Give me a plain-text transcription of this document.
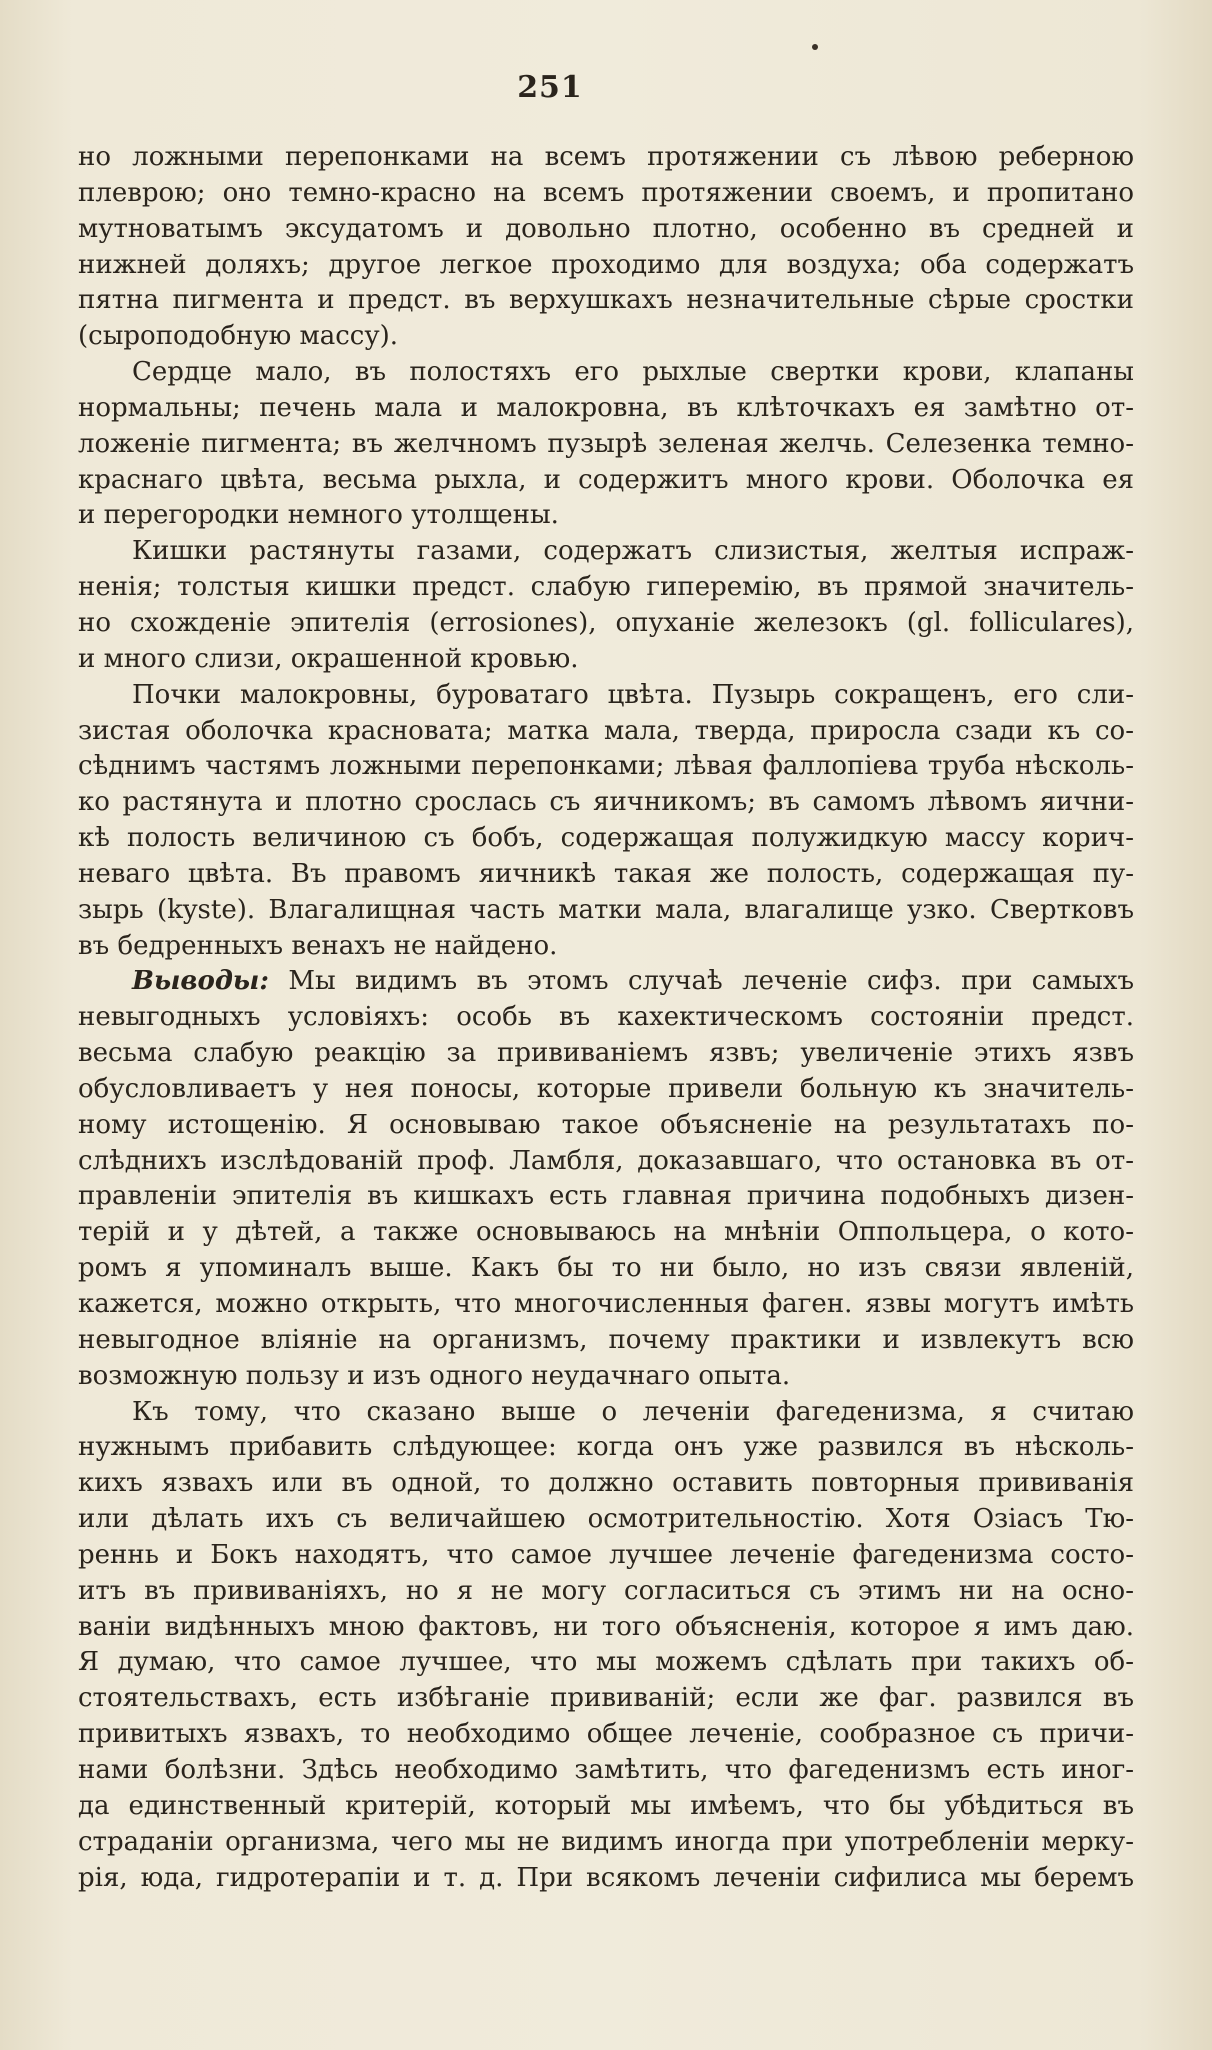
251
но ложными перепонками на всемъ протяжении съ лѣвою реберною
плеврою; оно темно-красно на всемъ протяжении своемъ, и пропитано
мутноватымъ эксудатомъ и довольно плотно, особенно въ средней и
нижней доляхъ; другое легкое проходимо для воздуха; оба содержатъ
пятна пигмента и предст. въ верхушкахъ незначительные сѣрые сростки
(сыроподобную массу).
Сердце мало, въ полостяхъ его рыхлые свертки крови, клапаны
нормальны; печень мала и малокровна, въ клѣточкахъ ея замѣтно от-
ложенiе пигмента; въ желчномъ пузырѣ зеленая желчь. Селезенка темно-
краснаго цвѣта, весьма рыхла, и содержитъ много крови. Оболочка ея
и перегородки немного утолщены.
Кишки растянуты газами, содержатъ слизистыя, желтыя испраж-
ненiя; толстыя кишки предст. слабую гиперемiю, въ прямой значитель-
но схожденiе эпителiя (errosiones), опуханiе железокъ (gl. folliculares),
и много слизи, окрашенной кровью.
Почки малокровны, буроватаго цвѣта. Пузырь сокращенъ, его сли-
зистая оболочка красновата; матка мала, тверда, приросла сзади къ со-
сѣднимъ частямъ ложными перепонками; лѣвая фаллопiева труба нѣсколь-
ко растянута и плотно срослась съ яичникомъ; въ самомъ лѣвомъ яични-
кѣ полость величиною съ бобъ, содержащая полужидкую массу корич-
неваго цвѣта. Въ правомъ яичникѣ такая же полость, содержащая пу-
зырь (kyste). Влагалищная часть матки мала, влагалище узко. Свертковъ
въ бедренныхъ венахъ не найдено.
Выводы: Мы видимъ въ этомъ случаѣ леченiе сифз. при самыхъ
невыгодныхъ условiяхъ: особь въ кахектическомъ состоянiи предст.
весьма слабую реакцiю за прививанiемъ язвъ; увеличенiе этихъ язвъ
обусловливаетъ у нея поносы, которые привели больную къ значитель-
ному истощенiю. Я основываю такое объясненiе на результатахъ по-
слѣднихъ изслѣдованiй проф. Ламбля, доказавшаго, что остановка въ от-
правленiи эпителiя въ кишкахъ есть главная причина подобныхъ дизен-
терiй и у дѣтей, а также основываюсь на мнѣнiи Оппольцера, о кото-
ромъ я упоминалъ выше. Какъ бы то ни было, но изъ связи явленiй,
кажется, можно открыть, что многочисленныя фаген. язвы могутъ имѣть
невыгодное влiянiе на организмъ, почему практики и извлекутъ всю
возможную пользу и изъ одного неудачнаго опыта.
Къ тому, что сказано выше о леченiи фагеденизма, я считаю
нужнымъ прибавить слѣдующее: когда онъ уже развился въ нѣсколь-
кихъ язвахъ или въ одной, то должно оставить повторныя прививанiя
или дѣлать ихъ съ величайшею осмотрительностiю. Хотя Озiасъ Тю-
реннь и Бокъ находятъ, что самое лучшее леченiе фагеденизма состо-
итъ въ прививанiяхъ, но я не могу согласиться съ этимъ ни на осно-
ванiи видѣнныхъ мною фактовъ, ни того объясненiя, которое я имъ даю.
Я думаю, что самое лучшее, что мы можемъ сдѣлать при такихъ об-
стоятельствахъ, есть избѣганiе прививанiй; если же фаг. развился въ
привитыхъ язвахъ, то необходимо общее леченiе, сообразное съ причи-
нами болѣзни. Здѣсь необходимо замѣтить, что фагеденизмъ есть иног-
да единственный критерiй, который мы имѣемъ, что бы убѣдиться въ
страданiи организма, чего мы не видимъ иногда при употребленiи мерку-
рiя, юда, гидротерапiи и т. д. При всякомъ леченiи сифилиса мы беремъ
